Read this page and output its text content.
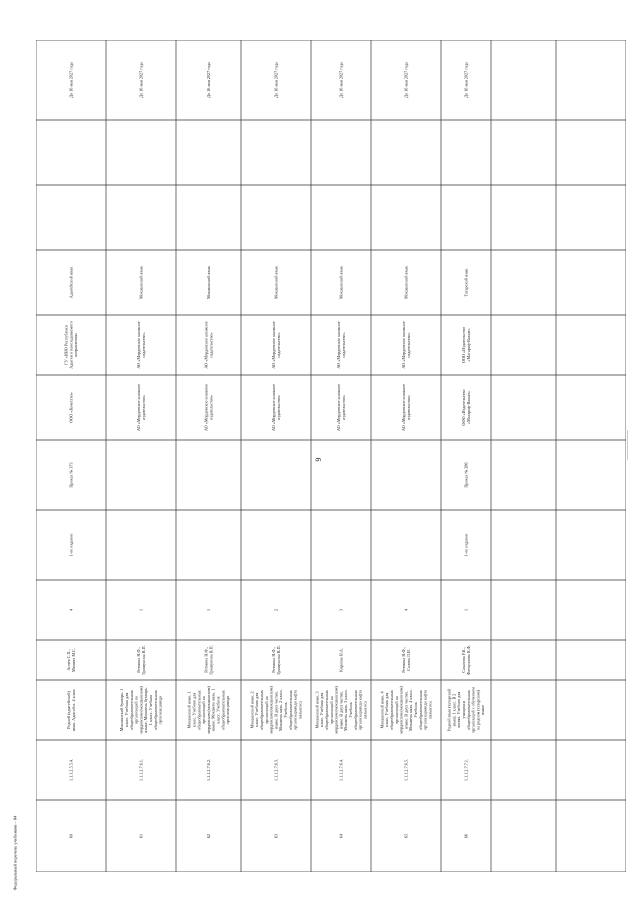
6
60
1.1.1.2.5.5.4.
Родной (адыгейский) язык. Адыгабзэ. 4 класс
Анчек С.Х., Мешвез М.С.
4
1-ое издание
Приказ № 373
ООО «Качество»
ГУ «ИНО Республики Адыгея и нанезадаваемого направления»
Адыгейский язык
До 16 мая 2027 года
61
1.1.1.2.7.6.1.
Мокшанский букварь. 1 класс. Учебник для общеобразовательных организаций на мордовском (мокшанском) языке. Мокшень букварь. 1 класс. Учебник общеобразовательных организациянди
Ротмина Н.Ф., Гришунина В.П.
1
АО «Мордовское книжное издательство»
АО «Мордовское книжное издательство»
Мокшанский язык
До 16 мая 2027 года
62
1.1.1.2.7.6.2.
Мокшанский язык. 1 класс. Учебник для общеобразовательных организаций на мордовском (мокшанском) языке. Мокшень кяль. 1 класс. Учебник общеобразовательных организациянди
Ротмина Н.Ф., Гришунина В.П.
1
АО «Мордовское книжное издательство»
АО «Мордовское книжное издательство»
Мокшанский язык
До 16 мая 2027 года
63
1.1.1.2.7.6.3.
Мокшанский язык. 2 класс. Учебник для общеобразовательных организаций на мордовском (мокшанском) языке. В двух частях. Мокшень кяль. 2 класс. Учебник общеобразовательных организациянди кафта пяльксоса
Ротмина Н.Ф., Гришунина В.П.
2
АО «Мордовское книжное издательство»
АО «Мордовское книжное издательство»
Мокшанский язык
До 16 мая 2027 года
64
1.1.1.2.7.6.4.
Мокшанский язык. 3 класс. Учебник для общеобразовательных организаций на мордовском (мокшанском) языке. В двух частях. Мокшень кяль. 3 класс. Учебник общеобразовательных организациянди кафта пяльксоса
Киреева Н.А.
3
АО «Мордовское книжное издательство»
АО «Мордовское книжное издательство»
Мокшанский язык
До 16 мая 2027 года
65
1.1.1.2.7.6.5.
Мокшанский язык. 4 класс. Учебник для общеобразовательных организаций на мордовском (мокшанском) языке. В двух частях. Мокшень кяль. 4 класс. Учебник общеобразовательных организациянди кафта пяльксоса
Ротмина Н.Ф., Салова Л.Н.
4
АО «Мордовское книжное издательство»
АО «Мордовское книжное издательство»
Мокшанский язык
До 16 мая 2027 года
66
1.1.1.2.7.7.1.
Родной язык (татарский язык). 1 класс. В 2 частях. Учебник для учащихся общеобразовательных организаций с обучением на родном (татарском) языке
Сахапова Р.К., Фатхуллова К.Ф.
1
1-ое издание
Приказ № 286
ООО «Издательство «Магариф-Вакыт»
ООО «Издательство «Магариф-Вакыт»
Татарский язык
До 16 мая 2027 года
Федеральный перечень учебников – 04
